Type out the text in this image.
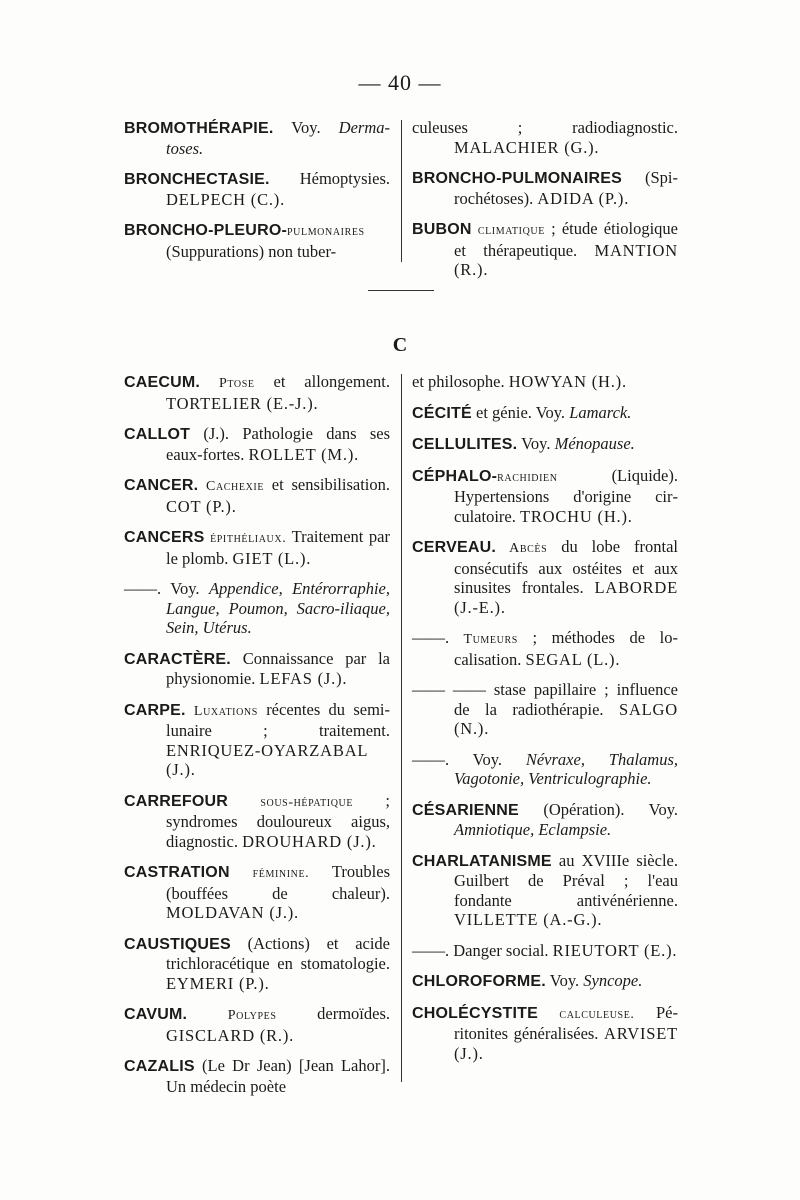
— 40 —

BROMOTHÉRAPIE. Voy. Dermatoses.

BRONCHECTASIE. Hémoptysies. DELPECH (C.).

BRONCHO-PLEURO-pulmonaires (Suppurations) non tuber-

culeuses ; radiodiagnostic. MALACHIER (G.).

BRONCHO-PULMONAIRES (Spirochétoses). ADIDA (P.).

BUBON climatique ; étude étiologique et thérapeutique. MANTION (R.).

C

CAECUM. Ptose et allongement. TORTELIER (E.-J.).

CALLOT (J.). Pathologie dans ses eaux-fortes. ROLLET (M.).

CANCER. Cachexie et sensibilisation. COT (P.).

CANCERS épithéliaux. Traitement par le plomb. GIET (L.).

——. Voy. Appendice, Entérorraphie, Langue, Poumon, Sacro-iliaque, Sein, Utérus.

CARACTÈRE. Connaissance par la physionomie. LEFAS (J.).

CARPE. Luxations récentes du semi-lunaire ; traitement. ENRIQUEZ-OYARZABAL (J.).

CARREFOUR sous-hépatique ; syndromes douloureux aigus, diagnostic. DROUHARD (J.).

CASTRATION féminine. Troubles (bouffées de chaleur). MOLDAVAN (J.).

CAUSTIQUES (Actions) et acide trichloracétique en stomatologie. EYMERI (P.).

CAVUM. Polypes dermoïdes. GISCLARD (R.).

CAZALIS (Le Dr Jean) [Jean Lahor]. Un médecin poète

et philosophe. HOWYAN (H.).

CÉCITÉ et génie. Voy. Lamarck.

CELLULITES. Voy. Ménopause.

CÉPHALO-rachidien (Liquide). Hypertensions d'origine circulatoire. TROCHU (H.).

CERVEAU. Abcès du lobe frontal consécutifs aux ostéites et aux sinusites frontales. LABORDE (J.-E.).

——. Tumeurs ; méthodes de localisation. SEGAL (L.).

—— —— stase papillaire ; influence de la radiothérapie. SALGO (N.).

——. Voy. Névraxe, Thalamus, Vagotonie, Ventriculographie.

CÉSARIENNE (Opération). Voy. Amniotique, Eclampsie.

CHARLATANISME au XVIIIe siècle. Guilbert de Préval ; l'eau fondante antivénérienne. VILLETTE (A.-G.).

——. Danger social. RIEUTORT (E.).

CHLOROFORME. Voy. Syncope.

CHOLÉCYSTITE calculeuse. Péritonites généralisées. ARVISET (J.).
